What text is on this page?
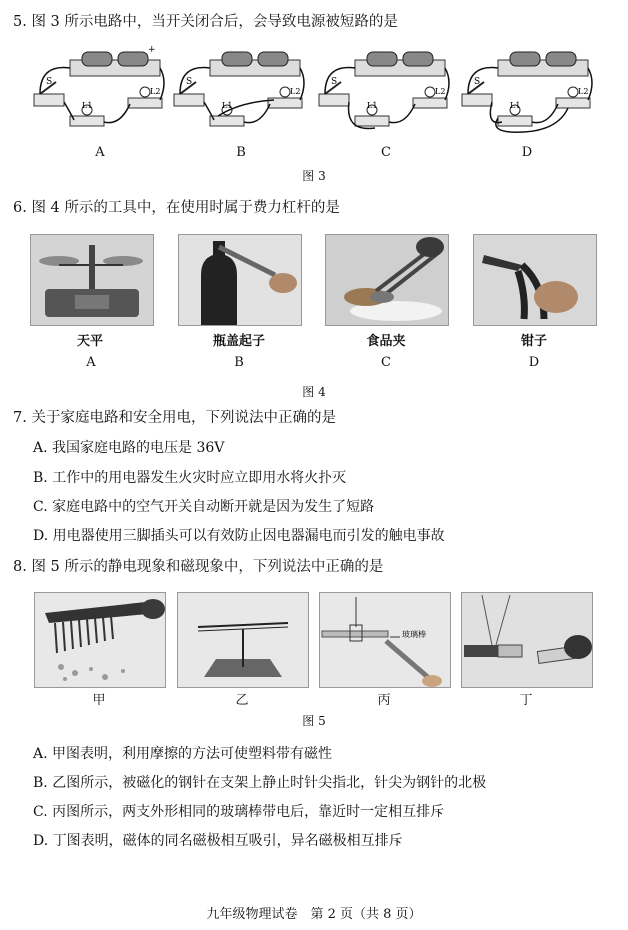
5. 图 3 所示电路中，当开关闭合后，会导致电源被短路的是
+
S
L1
L2
A
S
L1
L2
B
S
L1
L2
C
S
L1
L2
D
图 3
6. 图 4 所示的工具中，在使用时属于费力杠杆的是
天平	瓶盖起子	食品夹	钳子
A	B	C	D
图 4
7. 关于家庭电路和安全用电，下列说法中正确的是
A. 我国家庭电路的电压是 36V
B. 工作中的用电器发生火灾时应立即用水将火扑灭
C. 家庭电路中的空气开关自动断开就是因为发生了短路
D. 用电器使用三脚插头可以有效防止因电器漏电而引发的触电事故
8. 图 5 所示的静电现象和磁现象中，下列说法中正确的是
玻璃棒
甲	乙	丙	丁
图 5
A. 甲图表明，利用摩擦的方法可使塑料带有磁性
B. 乙图所示，被磁化的钢针在支架上静止时针尖指北，针尖为钢针的北极
C. 丙图所示，两支外形相同的玻璃棒带电后，靠近时一定相互排斥
D. 丁图表明，磁体的同名磁极相互吸引，异名磁极相互排斥
九年级物理试卷　第 2 页（共 8 页）
